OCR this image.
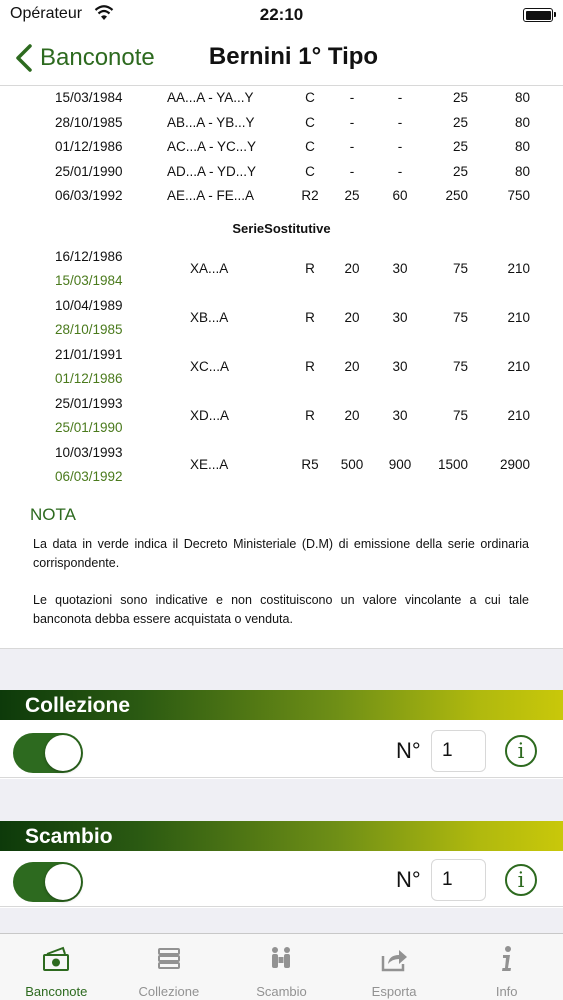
Opérateur	22:10
Banconote	Bernini 1° Tipo
15/03/1984	AA...A - YA...Y	C	-	-	25	80
28/10/1985	AB...A - YB...Y	C	-	-	25	80
01/12/1986	AC...A - YC...Y	C	-	-	25	80
25/01/1990	AD...A - YD...Y	C	-	-	25	80
06/03/1992	AE...A - FE...A	R2	25	60	250	750
SerieSostitutive
16/12/1986
15/03/1984
XA...A	R	20	30	75	210
10/04/1989
28/10/1985
XB...A	R	20	30	75	210
21/01/1991
01/12/1986
XC...A	R	20	30	75	210
25/01/1993
25/01/1990
XD...A	R	20	30	75	210
10/03/1993
06/03/1992
XE...A	R5	500	900	1500	2900
NOTA

La data in verde indica il Decreto Ministeriale (D.M) di emissione della serie ordinaria corrispondente.

Le quotazioni sono indicative e non costituiscono un valore vincolante a cui tale banconota debba essere acquistata o venduta.

Collezione
N°	1	i
Scambio
N°	1	i
Banconote	Collezione	Scambio	Esporta	Info
